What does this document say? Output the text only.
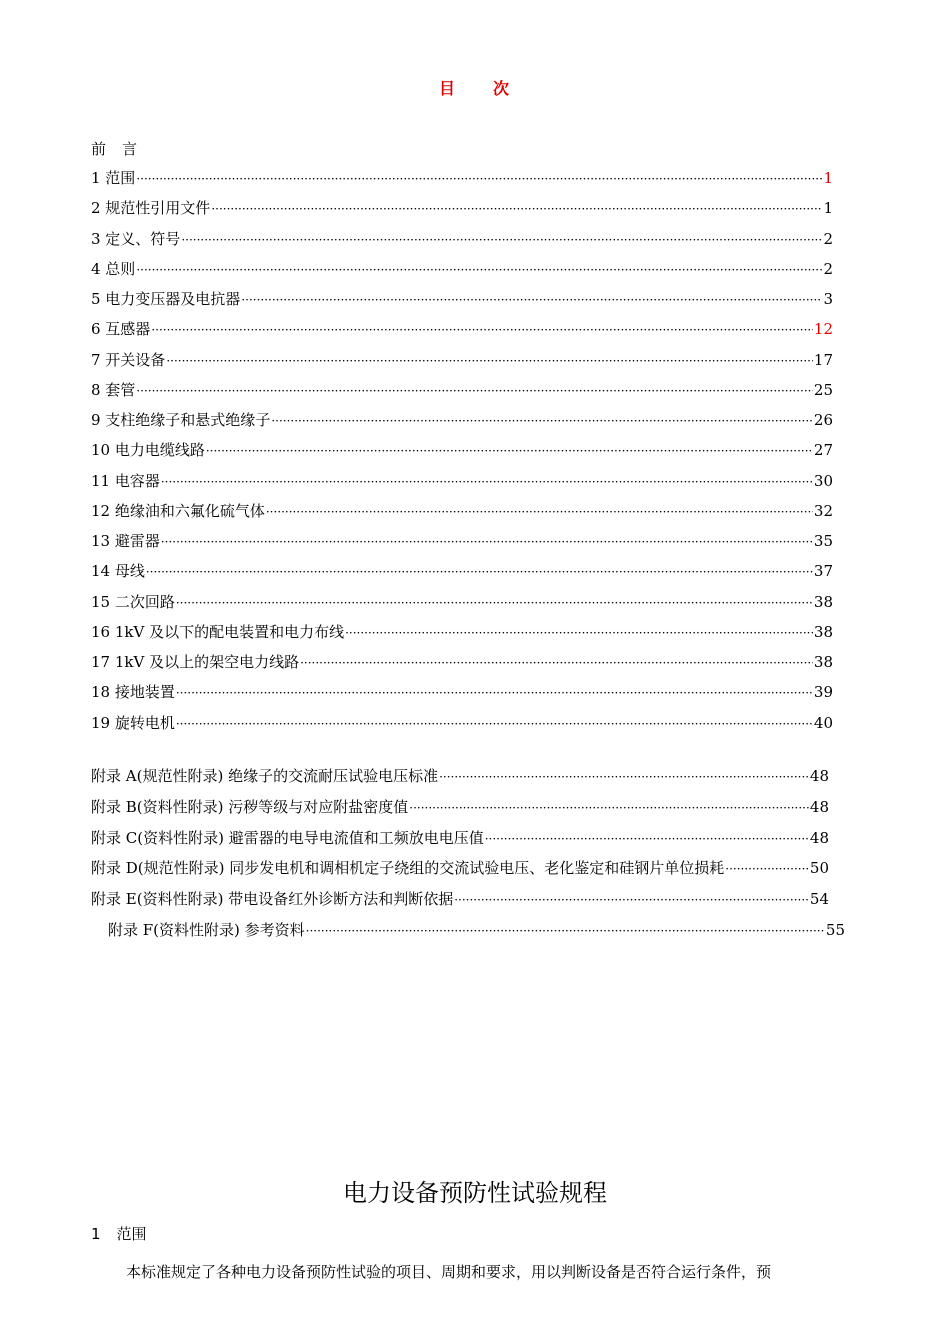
目 次
前 言
1 范围 ·····	1
2 规范性引用文件 ·····	1
3 定义、符号 ·····	2
4 总则 ·····	2
5 电力变压器及电抗器 ·····	3
6 互感器 ·····	12
7 开关设备 ·····	17
8 套管 ·····	25
9 支柱绝缘子和悬式绝缘子 ·····	26
10 电力电缆线路 ·····	27
11 电容器 ·····	30
12 绝缘油和六氟化硫气体 ·····	32
13 避雷器 ·····	35
14 母线 ·····	37
15 二次回路 ·····	38
16 1kV 及以下的配电装置和电力布线 ·····	38
17 1kV 及以上的架空电力线路 ·····	38
18 接地装置 ·····	39
19 旋转电机 ·····	40
附录 A(规范性附录) 绝缘子的交流耐压试验电压标准 ·····	48
附录 B(资料性附录) 污秽等级与对应附盐密度值 ·····	48
附录 C(资料性附录) 避雷器的电导电流值和工频放电电压值 ·····	48
附录 D(规范性附录) 同步发电机和调相机定子绕组的交流试验电压、老化鉴定和硅钢片单位损耗 ·····	50
附录 E(资料性附录) 带电设备红外诊断方法和判断依据 ·····	54
附录 F(资料性附录) 参考资料 ·····	55
电力设备预防性试验规程
1 范围
本标准规定了各种电力设备预防性试验的项目、周期和要求，用以判断设备是否符合运行条件，预
